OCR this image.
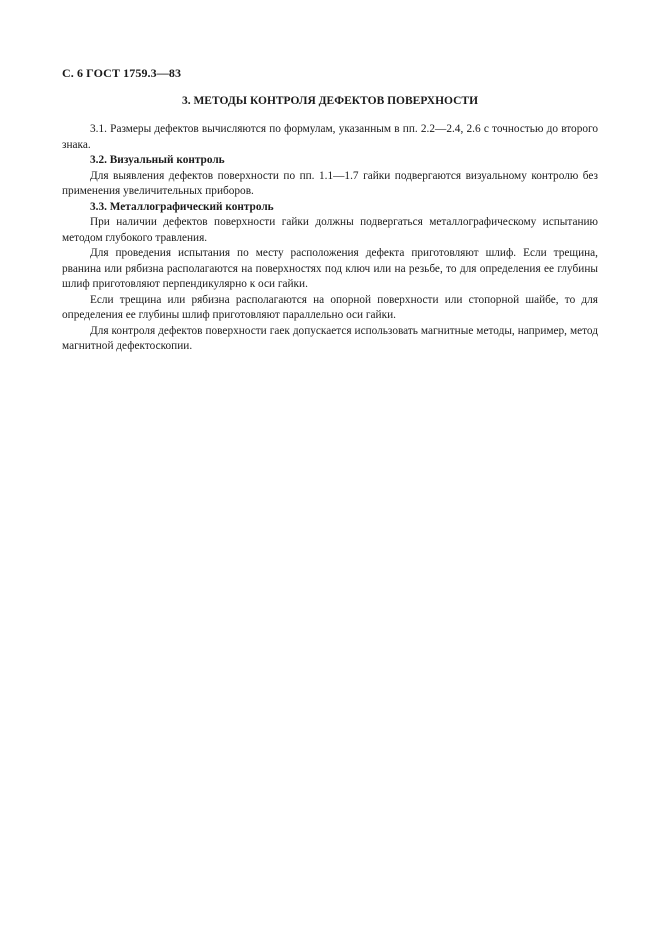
С. 6 ГОСТ 1759.3—83
3. МЕТОДЫ КОНТРОЛЯ ДЕФЕКТОВ ПОВЕРХНОСТИ

3.1. Размеры дефектов вычисляются по формулам, указанным в пп. 2.2—2.4, 2.6 с точностью до второго знака.

3.2. Визуальный контроль

Для выявления дефектов поверхности по пп. 1.1—1.7 гайки подвергаются визуальному контролю без применения увеличительных приборов.

3.3. Металлографический контроль

При наличии дефектов поверхности гайки должны подвергаться металлографическому испытанию методом глубокого травления.

Для проведения испытания по месту расположения дефекта приготовляют шлиф. Если трещина, рванина или рябизна располагаются на поверхностях под ключ или на резьбе, то для определения ее глубины шлиф приготовляют перпендикулярно к оси гайки.

Если трещина или рябизна располагаются на опорной поверхности или стопорной шайбе, то для определения ее глубины шлиф приготовляют параллельно оси гайки.

Для контроля дефектов поверхности гаек допускается использовать магнитные методы, например, метод магнитной дефектоскопии.
